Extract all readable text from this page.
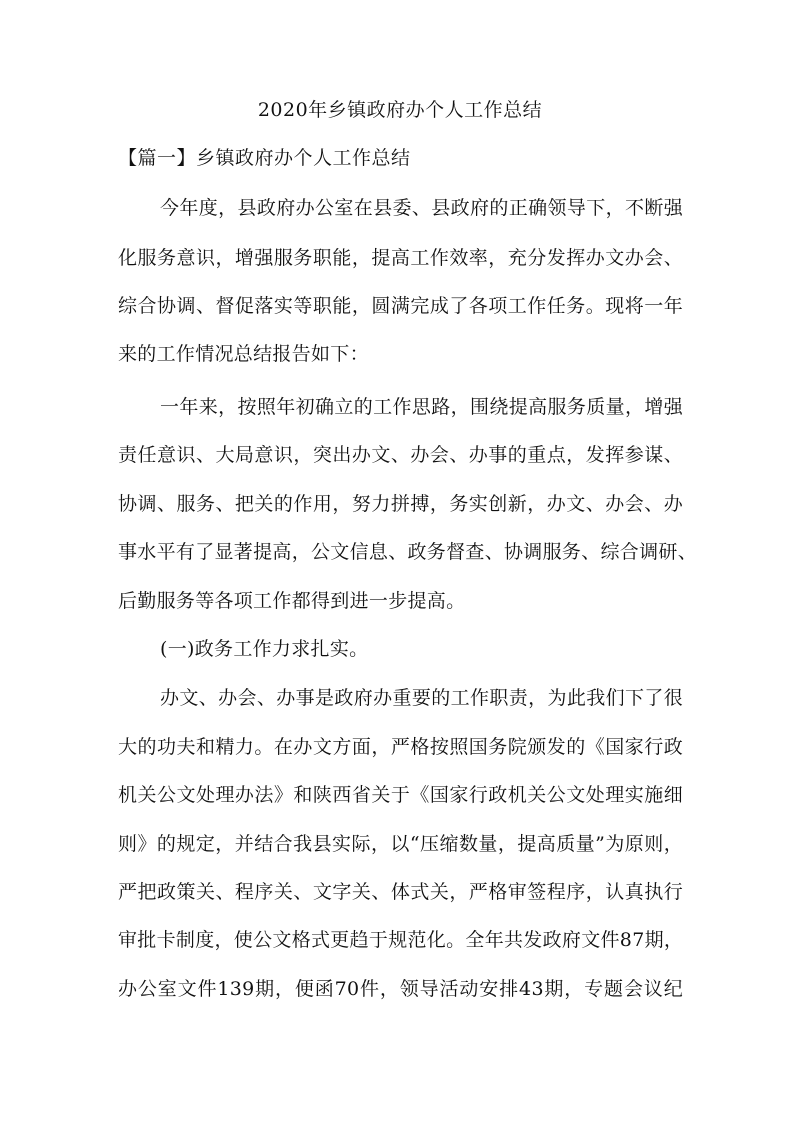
2020年乡镇政府办个人工作总结
【篇一】乡镇政府办个人工作总结
今年度，县政府办公室在县委、县政府的正确领导下，不断强
化服务意识，增强服务职能，提高工作效率，充分发挥办文办会、
综合协调、督促落实等职能，圆满完成了各项工作任务。现将一年
来的工作情况总结报告如下：
一年来，按照年初确立的工作思路，围绕提高服务质量，增强
责任意识、大局意识，突出办文、办会、办事的重点，发挥参谋、
协调、服务、把关的作用，努力拼搏，务实创新，办文、办会、办
事水平有了显著提高，公文信息、政务督查、协调服务、综合调研、
后勤服务等各项工作都得到进一步提高。
(一)政务工作力求扎实。
办文、办会、办事是政府办重要的工作职责，为此我们下了很
大的功夫和精力。在办文方面，严格按照国务院颁发的《国家行政
机关公文处理办法》和陕西省关于《国家行政机关公文处理实施细
则》的规定，并结合我县实际，以“压缩数量，提高质量”为原则，
严把政策关、程序关、文字关、体式关，严格审签程序，认真执行
审批卡制度，使公文格式更趋于规范化。全年共发政府文件87期，
办公室文件139期，便函70件，领导活动安排43期，专题会议纪
